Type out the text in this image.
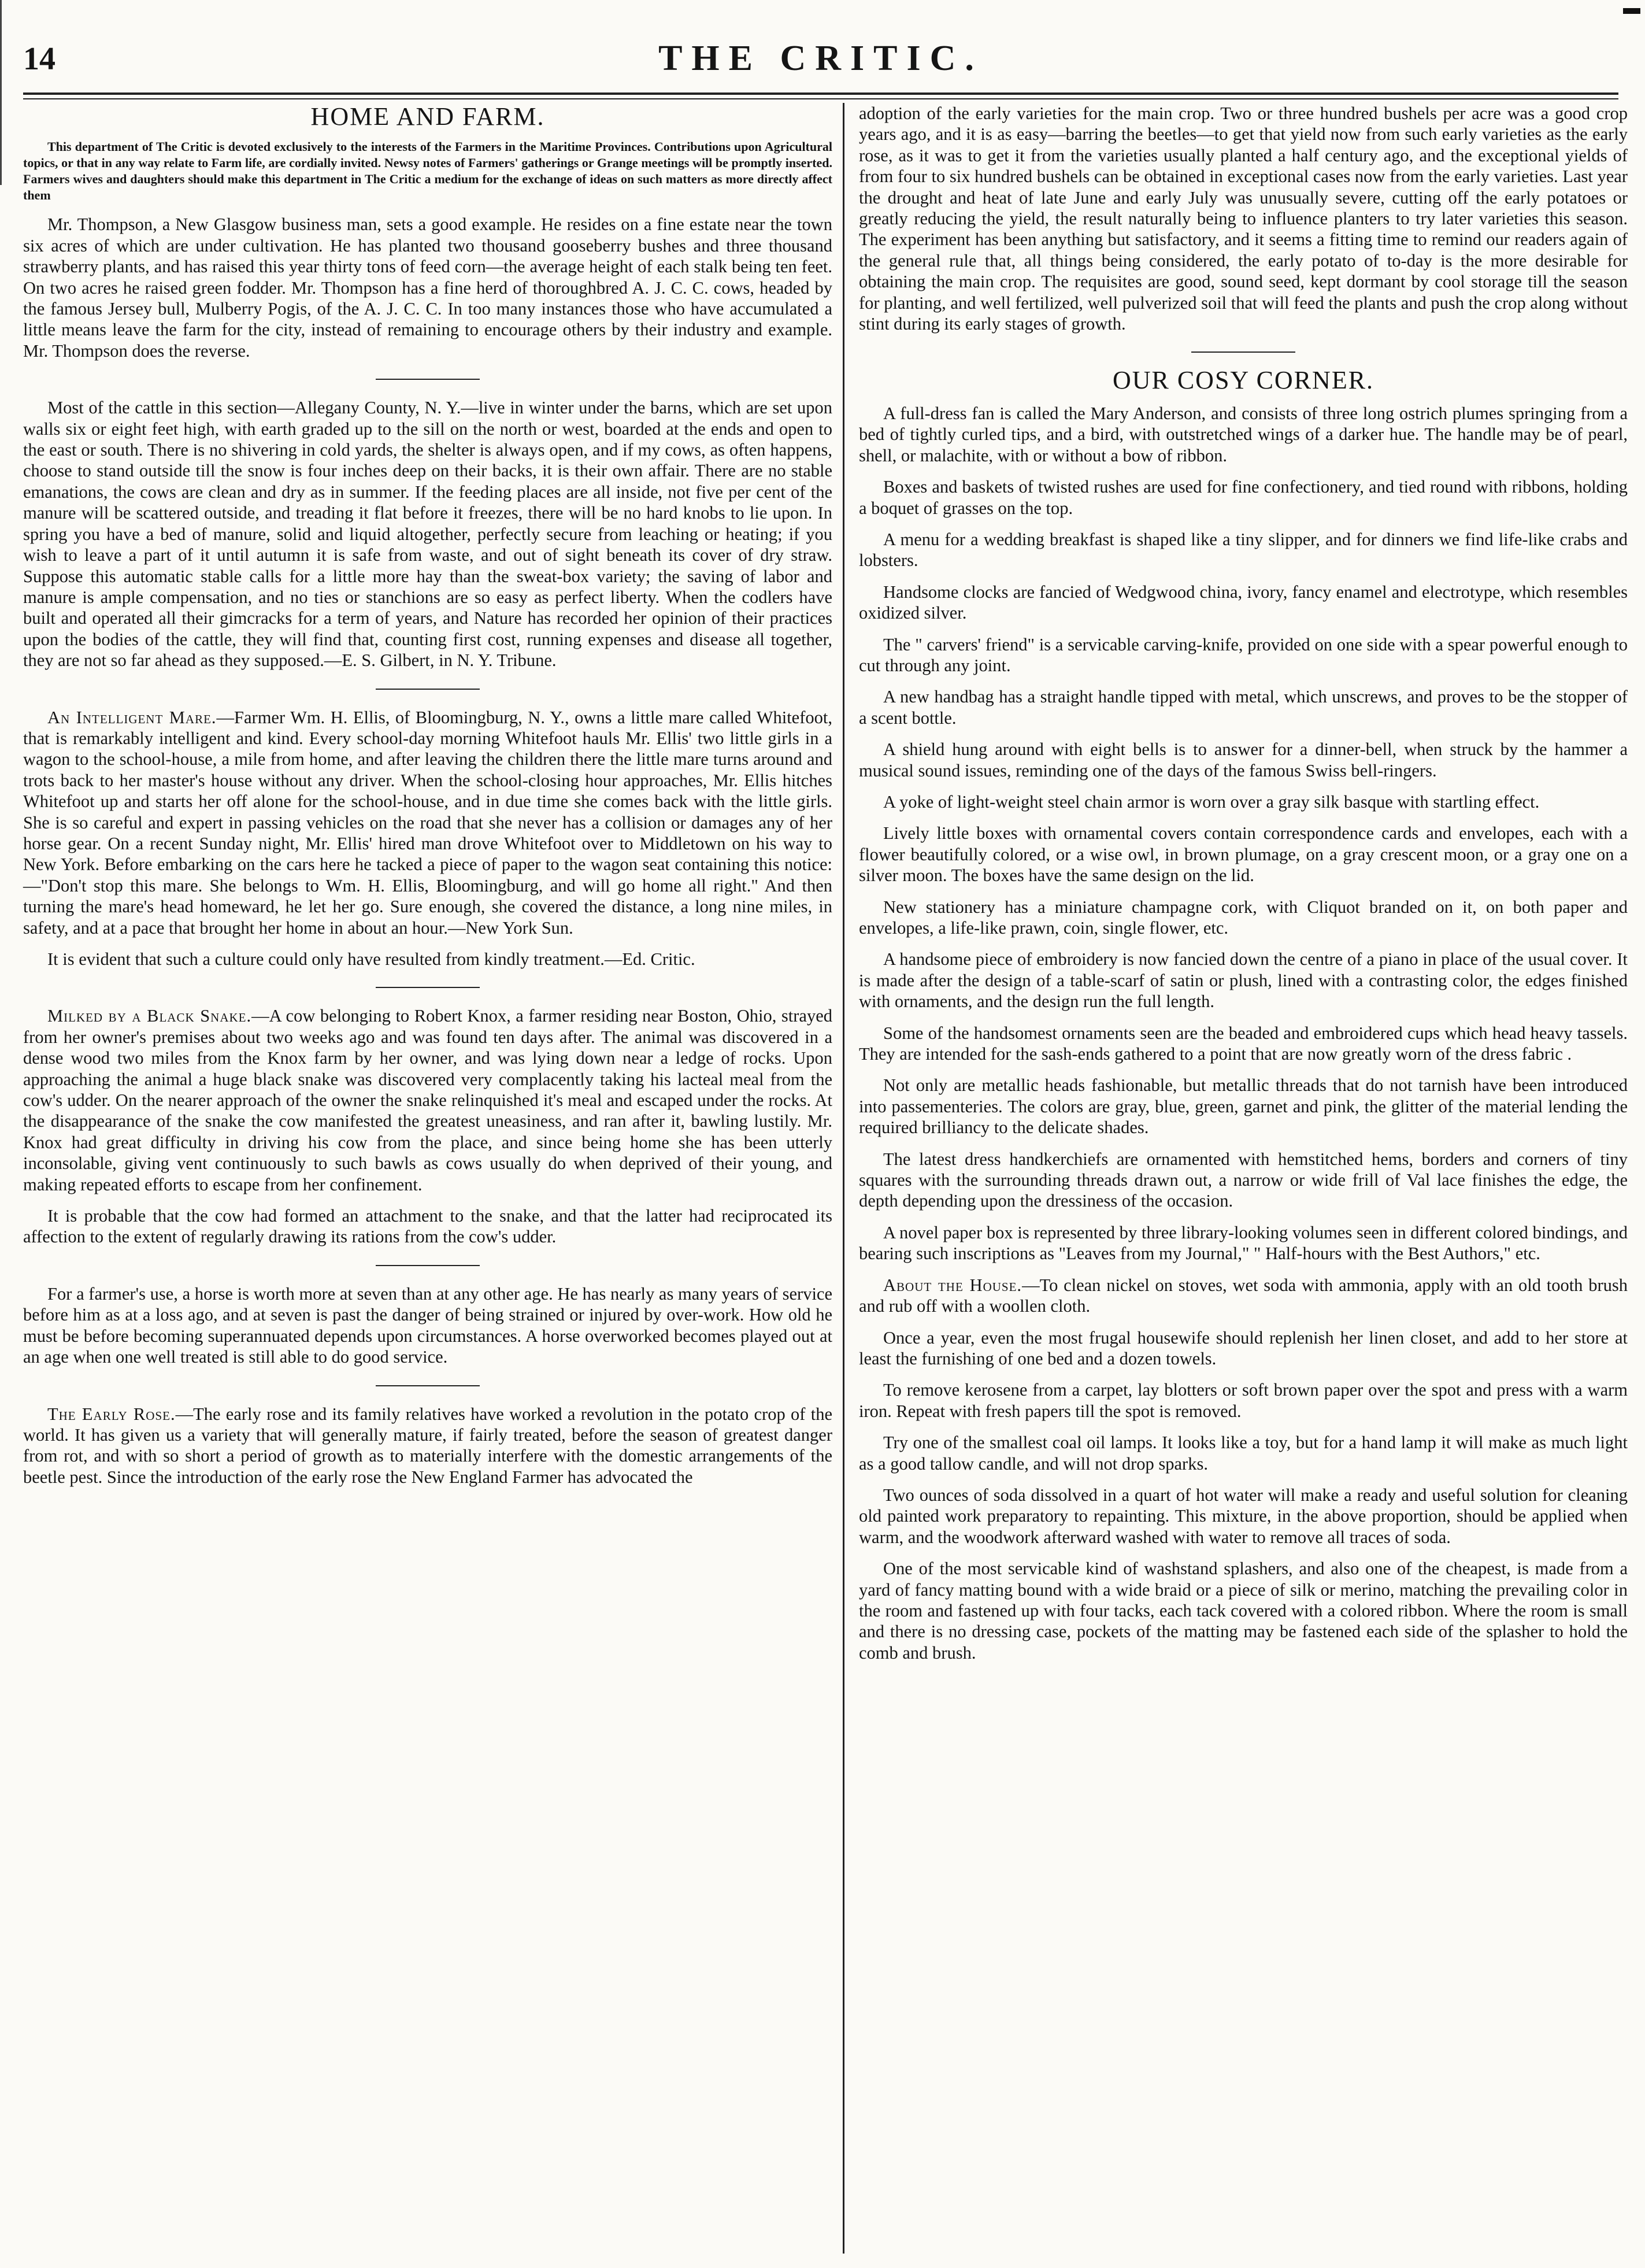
14	THE CRITIC.
HOME AND FARM.

This department of The Critic is devoted exclusively to the interests of the Farmers in the Maritime Provinces. Contributions upon Agricultural topics, or that in any way relate to Farm life, are cordially invited. Newsy notes of Farmers' gatherings or Grange meetings will be promptly inserted. Farmers wives and daughters should make this department in The Critic a medium for the exchange of ideas on such matters as more directly affect them

Mr. Thompson, a New Glasgow business man, sets a good example. He resides on a fine estate near the town six acres of which are under cultivation. He has planted two thousand gooseberry bushes and three thousand strawberry plants, and has raised this year thirty tons of feed corn—the average height of each stalk being ten feet. On two acres he raised green fodder. Mr. Thompson has a fine herd of thoroughbred A. J. C. C. cows, headed by the famous Jersey bull, Mulberry Pogis, of the A. J. C. C. In too many instances those who have accumulated a little means leave the farm for the city, instead of remaining to encourage others by their industry and example. Mr. Thompson does the reverse.

Most of the cattle in this section—Allegany County, N. Y.—live in winter under the barns, which are set upon walls six or eight feet high, with earth graded up to the sill on the north or west, boarded at the ends and open to the east or south. There is no shivering in cold yards, the shelter is always open, and if my cows, as often happens, choose to stand outside till the snow is four inches deep on their backs, it is their own affair. There are no stable emanations, the cows are clean and dry as in summer. If the feeding places are all inside, not five per cent of the manure will be scattered outside, and treading it flat before it freezes, there will be no hard knobs to lie upon. In spring you have a bed of manure, solid and liquid altogether, perfectly secure from leaching or heating; if you wish to leave a part of it until autumn it is safe from waste, and out of sight beneath its cover of dry straw. Suppose this automatic stable calls for a little more hay than the sweat-box variety; the saving of labor and manure is ample compensation, and no ties or stanchions are so easy as perfect liberty. When the codlers have built and operated all their gimcracks for a term of years, and Nature has recorded her opinion of their practices upon the bodies of the cattle, they will find that, counting first cost, running expenses and disease all together, they are not so far ahead as they supposed.—E. S. Gilbert, in N. Y. Tribune.

An Intelligent Mare.—Farmer Wm. H. Ellis, of Bloomingburg, N. Y., owns a little mare called Whitefoot, that is remarkably intelligent and kind. Every school-day morning Whitefoot hauls Mr. Ellis' two little girls in a wagon to the school-house, a mile from home, and after leaving the children there the little mare turns around and trots back to her master's house without any driver. When the school-closing hour approaches, Mr. Ellis hitches Whitefoot up and starts her off alone for the school-house, and in due time she comes back with the little girls. She is so careful and expert in passing vehicles on the road that she never has a collision or damages any of her horse gear. On a recent Sunday night, Mr. Ellis' hired man drove Whitefoot over to Middletown on his way to New York. Before embarking on the cars here he tacked a piece of paper to the wagon seat containing this notice:—"Don't stop this mare. She belongs to Wm. H. Ellis, Bloomingburg, and will go home all right." And then turning the mare's head homeward, he let her go. Sure enough, she covered the distance, a long nine miles, in safety, and at a pace that brought her home in about an hour.—New York Sun.

It is evident that such a culture could only have resulted from kindly treatment.—Ed. Critic.

Milked by a Black Snake.—A cow belonging to Robert Knox, a farmer residing near Boston, Ohio, strayed from her owner's premises about two weeks ago and was found ten days after. The animal was discovered in a dense wood two miles from the Knox farm by her owner, and was lying down near a ledge of rocks. Upon approaching the animal a huge black snake was discovered very complacently taking his lacteal meal from the cow's udder. On the nearer approach of the owner the snake relinquished it's meal and escaped under the rocks. At the disappearance of the snake the cow manifested the greatest uneasiness, and ran after it, bawling lustily. Mr. Knox had great difficulty in driving his cow from the place, and since being home she has been utterly inconsolable, giving vent continuously to such bawls as cows usually do when deprived of their young, and making repeated efforts to escape from her confinement.

It is probable that the cow had formed an attachment to the snake, and that the latter had reciprocated its affection to the extent of regularly drawing its rations from the cow's udder.

For a farmer's use, a horse is worth more at seven than at any other age. He has nearly as many years of service before him as at a loss ago, and at seven is past the danger of being strained or injured by over-work. How old he must be before becoming superannuated depends upon circumstances. A horse overworked becomes played out at an age when one well treated is still able to do good service.

The Early Rose.—The early rose and its family relatives have worked a revolution in the potato crop of the world. It has given us a variety that will generally mature, if fairly treated, before the season of greatest danger from rot, and with so short a period of growth as to materially interfere with the domestic arrangements of the beetle pest. Since the introduction of the early rose the New England Farmer has advocated the

adoption of the early varieties for the main crop. Two or three hundred bushels per acre was a good crop years ago, and it is as easy—barring the beetles—to get that yield now from such early varieties as the early rose, as it was to get it from the varieties usually planted a half century ago, and the exceptional yields of from four to six hundred bushels can be obtained in exceptional cases now from the early varieties. Last year the drought and heat of late June and early July was unusually severe, cutting off the early potatoes or greatly reducing the yield, the result naturally being to influence planters to try later varieties this season. The experiment has been anything but satisfactory, and it seems a fitting time to remind our readers again of the general rule that, all things being considered, the early potato of to-day is the more desirable for obtaining the main crop. The requisites are good, sound seed, kept dormant by cool storage till the season for planting, and well fertilized, well pulverized soil that will feed the plants and push the crop along without stint during its early stages of growth.

OUR COSY CORNER.

A full-dress fan is called the Mary Anderson, and consists of three long ostrich plumes springing from a bed of tightly curled tips, and a bird, with outstretched wings of a darker hue. The handle may be of pearl, shell, or malachite, with or without a bow of ribbon.

Boxes and baskets of twisted rushes are used for fine confectionery, and tied round with ribbons, holding a boquet of grasses on the top.

A menu for a wedding breakfast is shaped like a tiny slipper, and for dinners we find life-like crabs and lobsters.

Handsome clocks are fancied of Wedgwood china, ivory, fancy enamel and electrotype, which resembles oxidized silver.

The " carvers' friend" is a servicable carving-knife, provided on one side with a spear powerful enough to cut through any joint.

A new handbag has a straight handle tipped with metal, which unscrews, and proves to be the stopper of a scent bottle.

A shield hung around with eight bells is to answer for a dinner-bell, when struck by the hammer a musical sound issues, reminding one of the days of the famous Swiss bell-ringers.

A yoke of light-weight steel chain armor is worn over a gray silk basque with startling effect.

Lively little boxes with ornamental covers contain correspondence cards and envelopes, each with a flower beautifully colored, or a wise owl, in brown plumage, on a gray crescent moon, or a gray one on a silver moon. The boxes have the same design on the lid.

New stationery has a miniature champagne cork, with Cliquot branded on it, on both paper and envelopes, a life-like prawn, coin, single flower, etc.

A handsome piece of embroidery is now fancied down the centre of a piano in place of the usual cover. It is made after the design of a table-scarf of satin or plush, lined with a contrasting color, the edges finished with ornaments, and the design run the full length.

Some of the handsomest ornaments seen are the beaded and embroidered cups which head heavy tassels. They are intended for the sash-ends gathered to a point that are now greatly worn of the dress fabric .

Not only are metallic heads fashionable, but metallic threads that do not tarnish have been introduced into passementeries. The colors are gray, blue, green, garnet and pink, the glitter of the material lending the required brilliancy to the delicate shades.

The latest dress handkerchiefs are ornamented with hemstitched hems, borders and corners of tiny squares with the surrounding threads drawn out, a narrow or wide frill of Val lace finishes the edge, the depth depending upon the dressiness of the occasion.

A novel paper box is represented by three library-looking volumes seen in different colored bindings, and bearing such inscriptions as "Leaves from my Journal," " Half-hours with the Best Authors," etc.

About the House.—To clean nickel on stoves, wet soda with ammonia, apply with an old tooth brush and rub off with a woollen cloth.

Once a year, even the most frugal housewife should replenish her linen closet, and add to her store at least the furnishing of one bed and a dozen towels.

To remove kerosene from a carpet, lay blotters or soft brown paper over the spot and press with a warm iron. Repeat with fresh papers till the spot is removed.

Try one of the smallest coal oil lamps. It looks like a toy, but for a hand lamp it will make as much light as a good tallow candle, and will not drop sparks.

Two ounces of soda dissolved in a quart of hot water will make a ready and useful solution for cleaning old painted work preparatory to repainting. This mixture, in the above proportion, should be applied when warm, and the woodwork afterward washed with water to remove all traces of soda.

One of the most servicable kind of washstand splashers, and also one of the cheapest, is made from a yard of fancy matting bound with a wide braid or a piece of silk or merino, matching the prevailing color in the room and fastened up with four tacks, each tack covered with a colored ribbon. Where the room is small and there is no dressing case, pockets of the matting may be fastened each side of the splasher to hold the comb and brush.
